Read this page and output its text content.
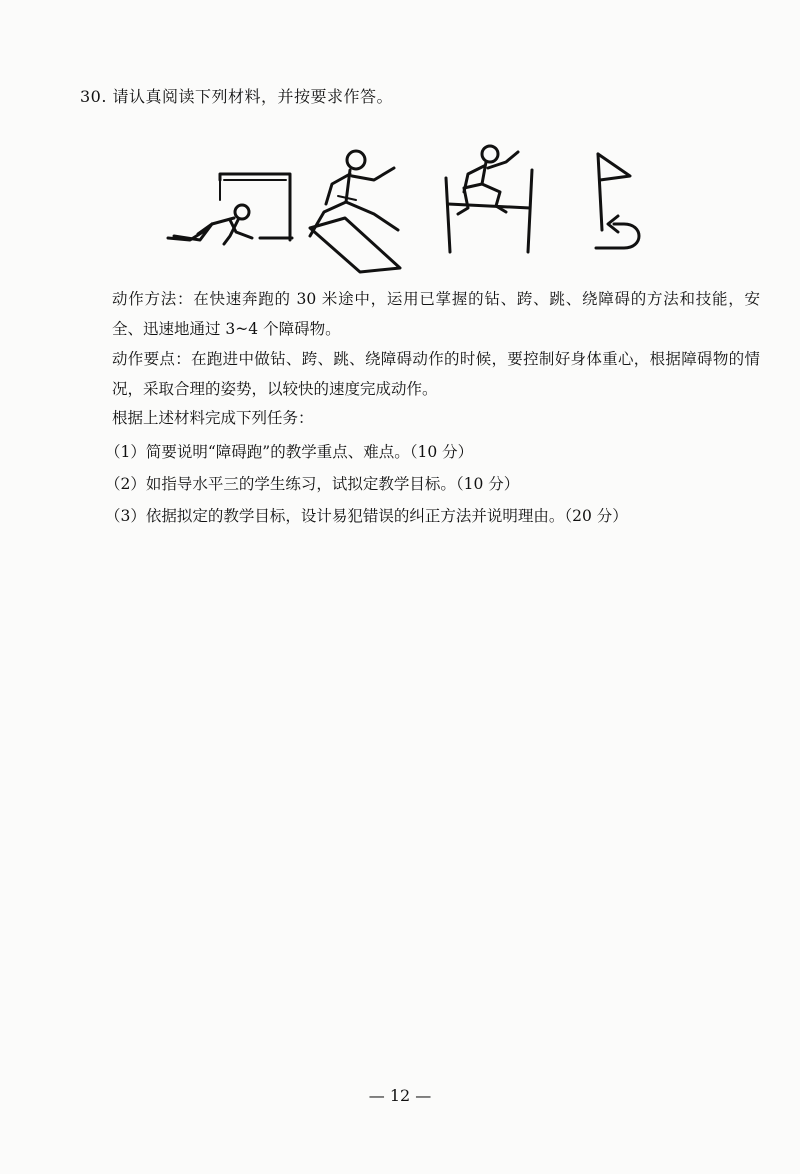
30. 请认真阅读下列材料，并按要求作答。
动作方法：在快速奔跑的 30 米途中，运用已掌握的钻、跨、跳、绕障碍的方法和技能，安全、迅速地通过 3~4 个障碍物。
动作要点：在跑进中做钻、跨、跳、绕障碍动作的时候，要控制好身体重心，根据障碍物的情况，采取合理的姿势，以较快的速度完成动作。
根据上述材料完成下列任务：
（1）简要说明“障碍跑”的教学重点、难点。（10 分）
（2）如指导水平三的学生练习，试拟定教学目标。（10 分）
（3）依据拟定的教学目标，设计易犯错误的纠正方法并说明理由。（20 分）
— 12 —
